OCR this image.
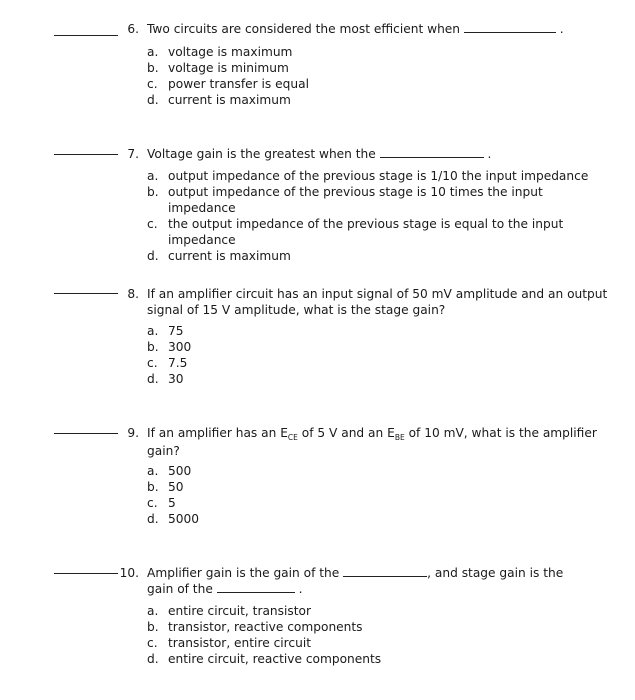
6. Two circuits are considered the most efficient when	.
a. voltage is maximum
b. voltage is minimum
c. power transfer is equal
d. current is maximum
7. Voltage gain is the greatest when the	.
a. output impedance of the previous stage is 1/10 the input impedance
b. output impedance of the previous stage is 10 times the input impedance
c. the output impedance of the previous stage is equal to the input impedance
d. current is maximum
8. If an amplifier circuit has an input signal of 50 mV amplitude and an output signal of 15 V amplitude, what is the stage gain?
a. 75
b. 300
c. 7.5
d. 30
9. If an amplifier has an $E_{CE}$ of 5 V and an $E_{BE}$ of 10 mV, what is the amplifier gain?
a. 500
b. 50
c. 5
d. 5000
10. Amplifier gain is the gain of the	, and stage gain is the gain of the	.
a. entire circuit, transistor
b. transistor, reactive components
c. transistor, entire circuit
d. entire circuit, reactive components
